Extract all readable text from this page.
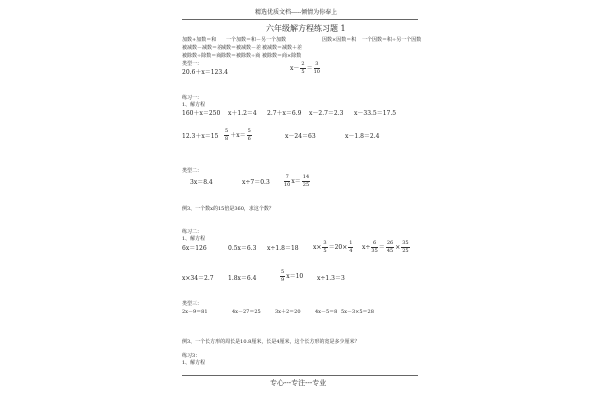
精选优质文档-----倾情为你奉上
六年级解方程练习题 1
加数+加数＝和 一个加数＝和－另一个加数	因数×因数＝积 一个因数＝积÷另一个因数
被减数－减数＝差
减数＝被减数－差 被减数＝减数＋差
被除数÷除数＝商 除数＝被除数÷商 被除数＝商×除数
类型一：
20.6＋x＝123.4
$x- \frac{2}{5} = \frac{3}{10}$
练习一：
1、解方程
160＋x＝250 x＋1.2＝4 2.7＋x＝6.9 x－2.7＝2.3 x－33.5＝17.5
$12.3+x=15 \frac{5}{8} +x= \frac{5}{6}$	x－24＝63	x－1.8＝2.4
类型二：
3x＝8.4	x÷7＝0.3	$\frac{7}{10} x= \frac{14}{25}$
例3、一个数x的15倍是360，求这个数？
练习二：
1、解方程
6x＝126	0.5x＝6.3 x÷1.8＝18 $x\times \frac{3}{5} =20\times \frac{1}{4} x\div \frac{6}{35} = \frac{26}{45} \times \frac{35}{25}$
x×34＝2.7 1.8x＝6.4	$\frac{5}{9} x=10$ x÷1.3＝3
类型三：
2x－9＝81	4x－27＝25	3x＋2＝20	4x－5＝8 5x－3×5＝28
例3、一个长方形的周长是10.8厘米，长是4厘米，这个长方形的宽是多少厘米？
练习3：
1、解方程
专心---专注---专业
